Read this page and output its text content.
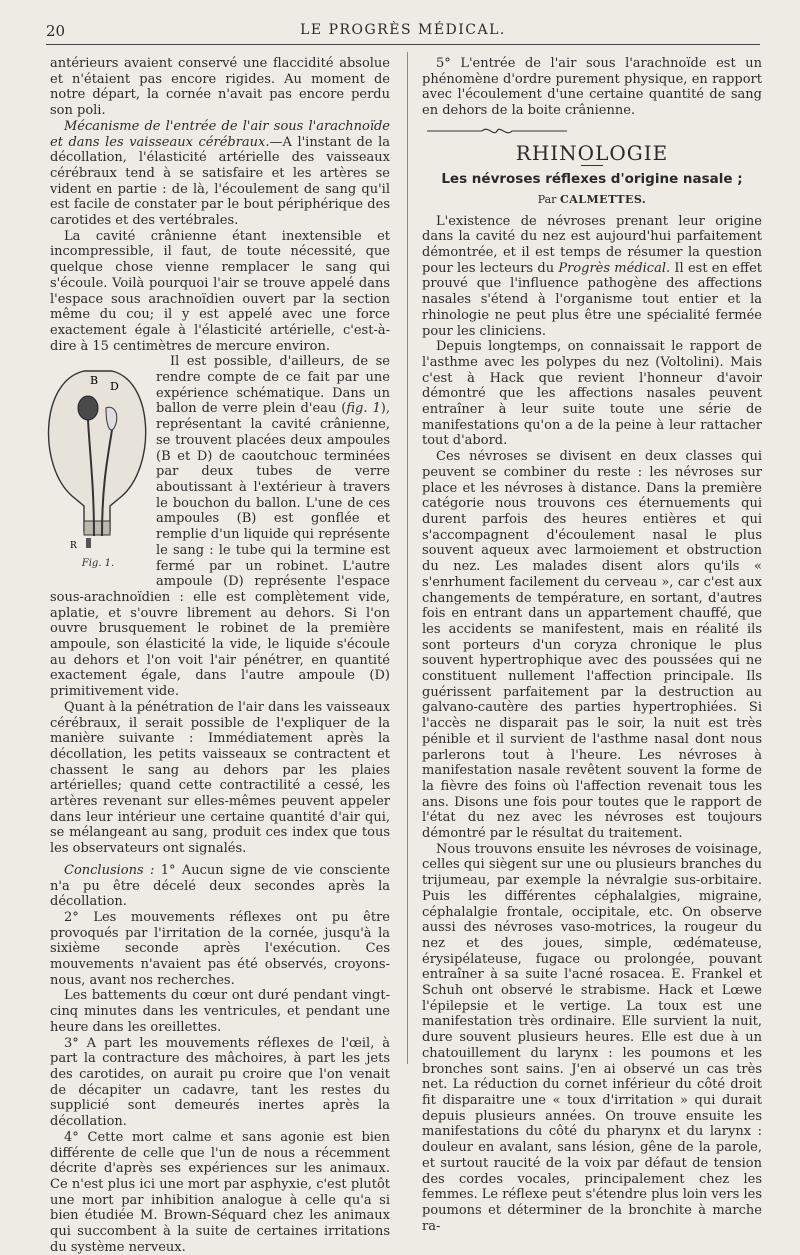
20	LE PROGRÈS MÉDICAL.

antérieurs avaient conservé une flaccidité absolue et n'étaient pas encore rigides. Au moment de notre départ, la cornée n'avait pas encore perdu son poli.

Mécanisme de l'entrée de l'air sous l'arachnoïde et dans les vaisseaux cérébraux.—A l'instant de la décollation, l'élasticité artérielle des vaisseaux cérébraux tend à se satisfaire et les artères se vident en partie : de là, l'écoulement de sang qu'il est facile de constater par le bout périphérique des carotides et des vertébrales.

La cavité crânienne étant inextensible et incompressible, il faut, de toute nécessité, que quelque chose vienne remplacer le sang qui s'écoule. Voilà pourquoi l'air se trouve appelé dans l'espace sous arachnoïdien ouvert par la section même du cou; il y est appelé avec une force exactement égale à l'élasticité artérielle, c'est-à-dire à 15 centimètres de mercure environ.

B D
R
Fig. 1.

Il est possible, d'ailleurs, de se rendre compte de ce fait par une expérience schématique. Dans un ballon de verre plein d'eau (fig. 1), représentant la cavité crânienne, se trouvent placées deux ampoules (B et D) de caoutchouc terminées par deux tubes de verre aboutissant à l'extérieur à travers le bouchon du ballon. L'une de ces ampoules (B) est gonflée et remplie d'un liquide qui représente le sang : le tube qui la termine est fermé par un robinet. L'autre ampoule (D) représente l'espace sous-arachnoïdien : elle est complètement vide, aplatie, et s'ouvre librement au dehors. Si l'on ouvre brusquement le robinet de la première ampoule, son élasticité la vide, le liquide s'écoule au dehors et l'on voit l'air pénétrer, en quantité exactement égale, dans l'autre ampoule (D) primitivement vide.

Quant à la pénétration de l'air dans les vaisseaux cérébraux, il serait possible de l'expliquer de la manière suivante : Immédiatement après la décollation, les petits vaisseaux se contractent et chassent le sang au dehors par les plaies artérielles; quand cette contractilité a cessé, les artères revenant sur elles-mêmes peuvent appeler dans leur intérieur une certaine quantité d'air qui, se mélangeant au sang, produit ces index que tous les observateurs ont signalés.

Conclusions : 1° Aucun signe de vie consciente n'a pu être décelé deux secondes après la décollation.

2° Les mouvements réflexes ont pu être provoqués par l'irritation de la cornée, jusqu'à la sixième seconde après l'exécution. Ces mouvements n'avaient pas été observés, croyons-nous, avant nos recherches.

Les battements du cœur ont duré pendant vingt-cinq minutes dans les ventricules, et pendant une heure dans les oreillettes.

3° A part les mouvements réflexes de l'œil, à part la contracture des mâchoires, à part les jets des carotides, on aurait pu croire que l'on venait de décapiter un cadavre, tant les restes du supplicié sont demeurés inertes après la décollation.

4° Cette mort calme et sans agonie est bien différente de celle que l'un de nous a récemment décrite d'après ses expériences sur les animaux. Ce n'est plus ici une mort par asphyxie, c'est plutôt une mort par inhibition analogue à celle qu'a si bien étudiée M. Brown-Séquard chez les animaux qui succombent à la suite de certaines irritations du système nerveux.

5° L'entrée de l'air sous l'arachnoïde est un phénomène d'ordre purement physique, en rapport avec l'écoulement d'une certaine quantité de sang en dehors de la boite crânienne.

RHINOLOGIE
Les névroses réflexes d'origine nasale ;
Par CALMETTES.

L'existence de névroses prenant leur origine dans la cavité du nez est aujourd'hui parfaitement démontrée, et il est temps de résumer la question pour les lecteurs du Progrès médical. Il est en effet prouvé que l'influence pathogène des affections nasales s'étend à l'organisme tout entier et la rhinologie ne peut plus être une spécialité fermée pour les cliniciens.

Depuis longtemps, on connaissait le rapport de l'asthme avec les polypes du nez (Voltolini). Mais c'est à Hack que revient l'honneur d'avoir démontré que les affections nasales peuvent entraîner à leur suite toute une série de manifestations qu'on a de la peine à leur rattacher tout d'abord.

Ces névroses se divisent en deux classes qui peuvent se combiner du reste : les névroses sur place et les névroses à distance. Dans la première catégorie nous trouvons ces éternuements qui durent parfois des heures entières et qui s'accompagnent d'écoulement nasal le plus souvent aqueux avec larmoiement et obstruction du nez. Les malades disent alors qu'ils « s'enrhument facilement du cerveau », car c'est aux changements de température, en sortant, d'autres fois en entrant dans un appartement chauffé, que les accidents se manifestent, mais en réalité ils sont porteurs d'un coryza chronique le plus souvent hypertrophique avec des poussées qui ne constituent nullement l'affection principale. Ils guérissent parfaitement par la destruction au galvano-cautère des parties hypertrophiées. Si l'accès ne disparait pas le soir, la nuit est très pénible et il survient de l'asthme nasal dont nous parlerons tout à l'heure. Les névroses à manifestation nasale revêtent souvent la forme de la fièvre des foins où l'affection revenait tous les ans. Disons une fois pour toutes que le rapport de l'état du nez avec les névroses est toujours démontré par le résultat du traitement.

Nous trouvons ensuite les névroses de voisinage, celles qui siègent sur une ou plusieurs branches du trijumeau, par exemple la névralgie sus-orbitaire. Puis les différentes céphalalgies, migraine, céphalalgie frontale, occipitale, etc. On observe aussi des névroses vaso-motrices, la rougeur du nez et des joues, simple, œdémateuse, érysipélateuse, fugace ou prolongée, pouvant entraîner à sa suite l'acné rosacea. E. Frankel et Schuh ont observé le strabisme. Hack et Lœwe l'épilepsie et le vertige. La toux est une manifestation très ordinaire. Elle survient la nuit, dure souvent plusieurs heures. Elle est due à un chatouillement du larynx : les poumons et les bronches sont sains. J'en ai observé un cas très net. La réduction du cornet inférieur du côté droit fit disparaitre une « toux d'irritation » qui durait depuis plusieurs années. On trouve ensuite les manifestations du côté du pharynx et du larynx : douleur en avalant, sans lésion, gêne de la parole, et surtout raucité de la voix par défaut de tension des cordes vocales, principalement chez les femmes. Le réflexe peut s'étendre plus loin vers les poumons et déterminer de la bronchite à marche ra-
